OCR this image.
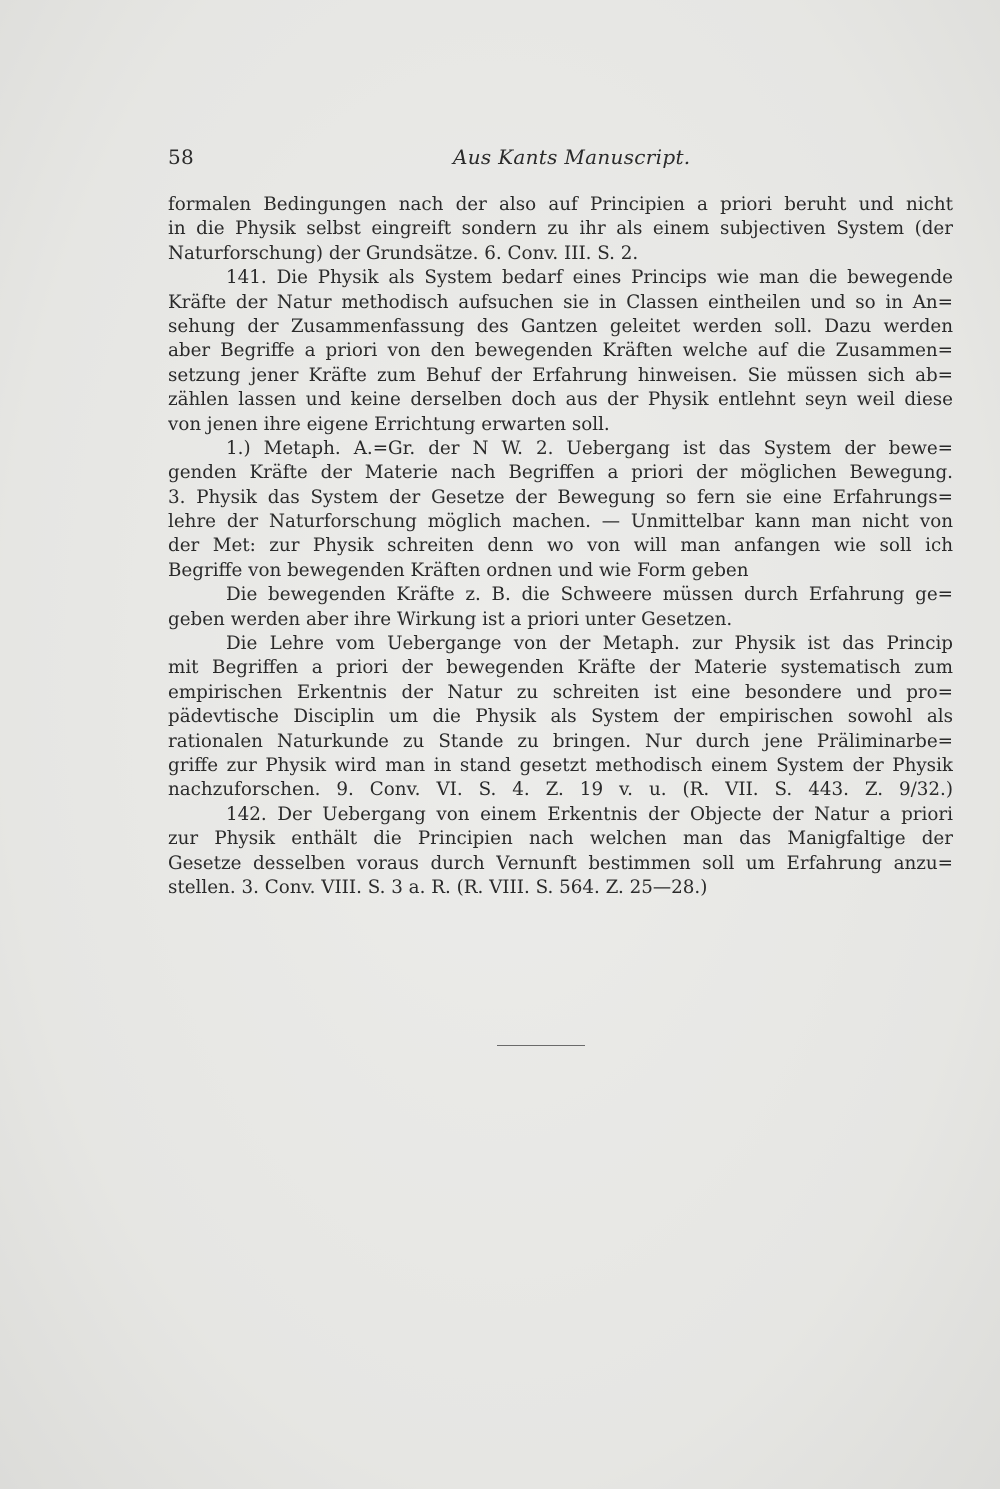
58	Aus Kants Manuscript.
formalen Bedingungen nach der also auf Principien a priori beruht und nicht
in die Physik selbst eingreift sondern zu ihr als einem subjectiven System (der
Naturforschung) der Grundsätze. 6. Conv. III. S. 2.
141. Die Physik als System bedarf eines Princips wie man die bewegende
Kräfte der Natur methodisch aufsuchen sie in Classen eintheilen und so in An=
sehung der Zusammenfassung des Gantzen geleitet werden soll. Dazu werden
aber Begriffe a priori von den bewegenden Kräften welche auf die Zusammen=
setzung jener Kräfte zum Behuf der Erfahrung hinweisen. Sie müssen sich ab=
zählen lassen und keine derselben doch aus der Physik entlehnt seyn weil diese
von jenen ihre eigene Errichtung erwarten soll.
1.) Metaph. A.=Gr. der N W. 2. Uebergang ist das System der bewe=
genden Kräfte der Materie nach Begriffen a priori der möglichen Bewegung.
3. Physik das System der Gesetze der Bewegung so fern sie eine Erfahrungs=
lehre der Naturforschung möglich machen. — Unmittelbar kann man nicht von
der Met: zur Physik schreiten denn wo von will man anfangen wie soll ich
Begriffe von bewegenden Kräften ordnen und wie Form geben
Die bewegenden Kräfte z. B. die Schweere müssen durch Erfahrung ge=
geben werden aber ihre Wirkung ist a priori unter Gesetzen.
Die Lehre vom Uebergange von der Metaph. zur Physik ist das Princip
mit Begriffen a priori der bewegenden Kräfte der Materie systematisch zum
empirischen Erkentnis der Natur zu schreiten ist eine besondere und pro=
pädevtische Disciplin um die Physik als System der empirischen sowohl als
rationalen Naturkunde zu Stande zu bringen. Nur durch jene Präliminarbe=
griffe zur Physik wird man in stand gesetzt methodisch einem System der Physik
nachzuforschen. 9. Conv. VI. S. 4. Z. 19 v. u. (R. VII. S. 443. Z. 9/32.)
142. Der Uebergang von einem Erkentnis der Objecte der Natur a priori
zur Physik enthält die Principien nach welchen man das Manigfaltige der
Gesetze desselben voraus durch Vernunft bestimmen soll um Erfahrung anzu=
stellen. 3. Conv. VIII. S. 3 a. R. (R. VIII. S. 564. Z. 25—28.)
